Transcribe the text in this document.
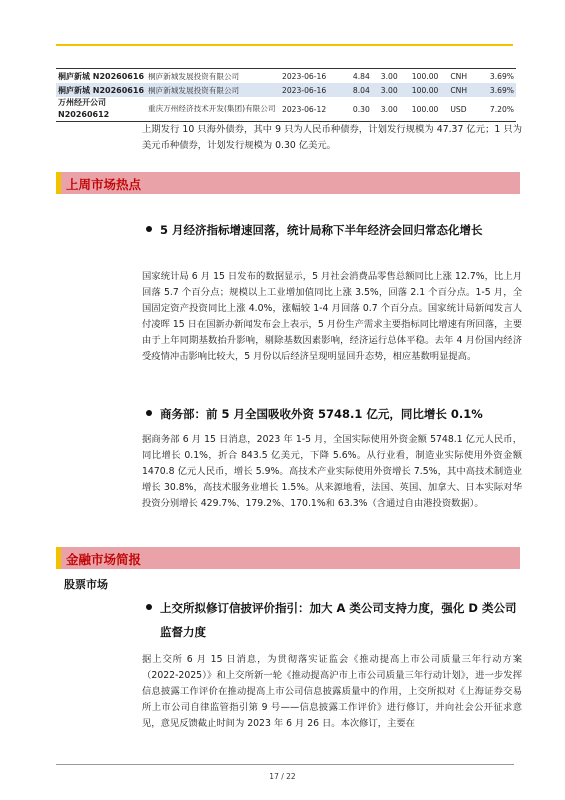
桐庐新城 N20260616	桐庐新城发展投资有限公司	2023-06-16	4.84	3.00	100.00	CNH	3.69%
桐庐新城 N20260616	桐庐新城发展投资有限公司	2023-06-16	8.04	3.00	100.00	CNH	3.69%
万州经开公司 N20260612	重庆万州经济技术开发(集团)有限公司	2023-06-12	0.30	3.00	100.00	USD	7.20%
上期发行 10 只海外债券，其中 9 只为人民币种债券，计划发行规模为 47.37 亿元；1 只为美元币种债券，计划发行规模为 0.30 亿美元。
上周市场热点
5 月经济指标增速回落，统计局称下半年经济会回归常态化增长
国家统计局 6 月 15 日发布的数据显示，5 月社会消费品零售总额同比上涨 12.7%，比上月回落 5.7 个百分点；规模以上工业增加值同比上涨 3.5%，回落 2.1 个百分点。1-5 月，全国固定资产投资同比上涨 4.0%，涨幅较 1-4 月回落 0.7 个百分点。国家统计局新闻发言人付凌晖 15 日在国新办新闻发布会上表示，5 月份生产需求主要指标同比增速有所回落，主要由于上年同期基数抬升影响，剔除基数因素影响，经济运行总体平稳。去年 4 月份国内经济受疫情冲击影响比较大，5 月份以后经济呈现明显回升态势，相应基数明显提高。
商务部：前 5 月全国吸收外资 5748.1 亿元，同比增长 0.1%
据商务部 6 月 15 日消息，2023 年 1-5 月，全国实际使用外资金额 5748.1 亿元人民币，同比增长 0.1%，折合 843.5 亿美元，下降 5.6%。从行业看，制造业实际使用外资金额 1470.8 亿元人民币，增长 5.9%。高技术产业实际使用外资增长 7.5%，其中高技术制造业增长 30.8%，高技术服务业增长 1.5%。从来源地看，法国、英国、加拿大、日本实际对华投资分别增长 429.7%、179.2%、170.1%和 63.3%（含通过自由港投资数据）。
金融市场简报
股票市场
上交所拟修订信披评价指引：加大 A 类公司支持力度，强化 D 类公司监督力度
据上交所 6 月 15 日消息，为贯彻落实证监会《推动提高上市公司质量三年行动方案（2022-2025）》和上交所新一轮《推动提高沪市上市公司质量三年行动计划》，进一步发挥信息披露工作评价在推动提高上市公司信息披露质量中的作用，上交所拟对《上海证券交易所上市公司自律监管指引第 9 号——信息披露工作评价》进行修订，并向社会公开征求意见，意见反馈截止时间为 2023 年 6 月 26 日。本次修订，主要在
17 / 22
